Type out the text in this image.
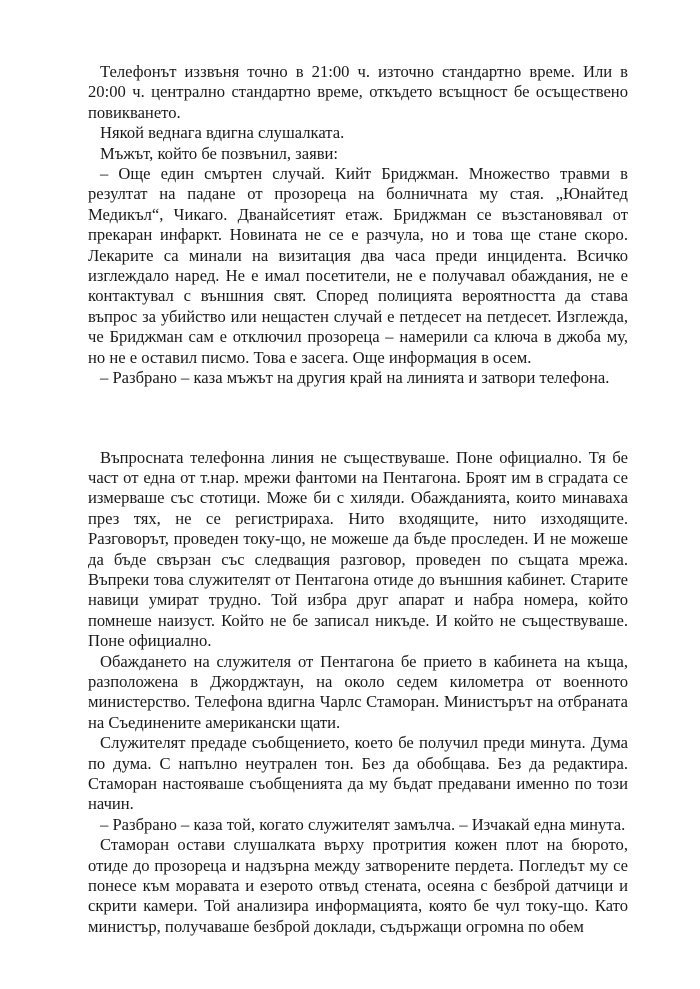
Телефонът иззвъня точно в 21:00 ч. източно стандартно време. Или в 20:00 ч. централно стандартно време, откъдето всъщност бе осъществено повикването.

Някой веднага вдигна слушалката.

Мъжът, който бе позвънил, заяви:

– Още един смъртен случай. Кийт Бриджман. Множество травми в резултат на падане от прозореца на болничната му стая. „Юнайтед Медикъл“, Чикаго. Дванайсетият етаж. Бриджман се възстановявал от прекаран инфаркт. Новината не се е разчула, но и това ще стане скоро. Лекарите са минали на визитация два часа преди инцидента. Всичко изглеждало наред. Не е имал посетители, не е получавал обаждания, не е контактувал с външния свят. Според полицията вероятността да става въпрос за убийство или нещастен случай е петдесет на петдесет. Изглежда, че Бриджман сам е отключил прозореца – намерили са ключа в джоба му, но не е оставил писмо. Това е засега. Още информация в осем.

– Разбрано – каза мъжът на другия край на линията и затвори телефона.

Въпросната телефонна линия не съществуваше. Поне официално. Тя бе част от една от т.нар. мрежи фантоми на Пентагона. Броят им в сградата се измерваше със стотици. Може би с хиляди. Обажданията, които минаваха през тях, не се регистрираха. Нито входящите, нито изходящите. Разговорът, проведен току-що, не можеше да бъде проследен. И не можеше да бъде свързан със следващия разговор, проведен по същата мрежа. Въпреки това служителят от Пентагона отиде до външния кабинет. Старите навици умират трудно. Той избра друг апарат и набра номера, който помнеше наизуст. Който не бе записал никъде. И който не съществуваше. Поне официално.

Обаждането на служителя от Пентагона бе прието в кабинета на къща, разположена в Джорджтаун, на около седем километра от военното министерство. Телефона вдигна Чарлс Стаморан. Министърът на отбраната на Съединените американски щати.

Служителят предаде съобщението, което бе получил преди минута. Дума по дума. С напълно неутрален тон. Без да обобщава. Без да редактира. Стаморан настояваше съобщенията да му бъдат предавани именно по този начин.

– Разбрано – каза той, когато служителят замълча. – Изчакай една минута.

Стаморан остави слушалката върху протрития кожен плот на бюрото, отиде до прозореца и надзърна между затворените пердета. Погледът му се понесе към моравата и езерото отвъд стената, осеяна с безброй датчици и скрити камери. Той анализира информацията, която бе чул току-що. Като министър, получаваше безброй доклади, съдържащи огромна по обем
